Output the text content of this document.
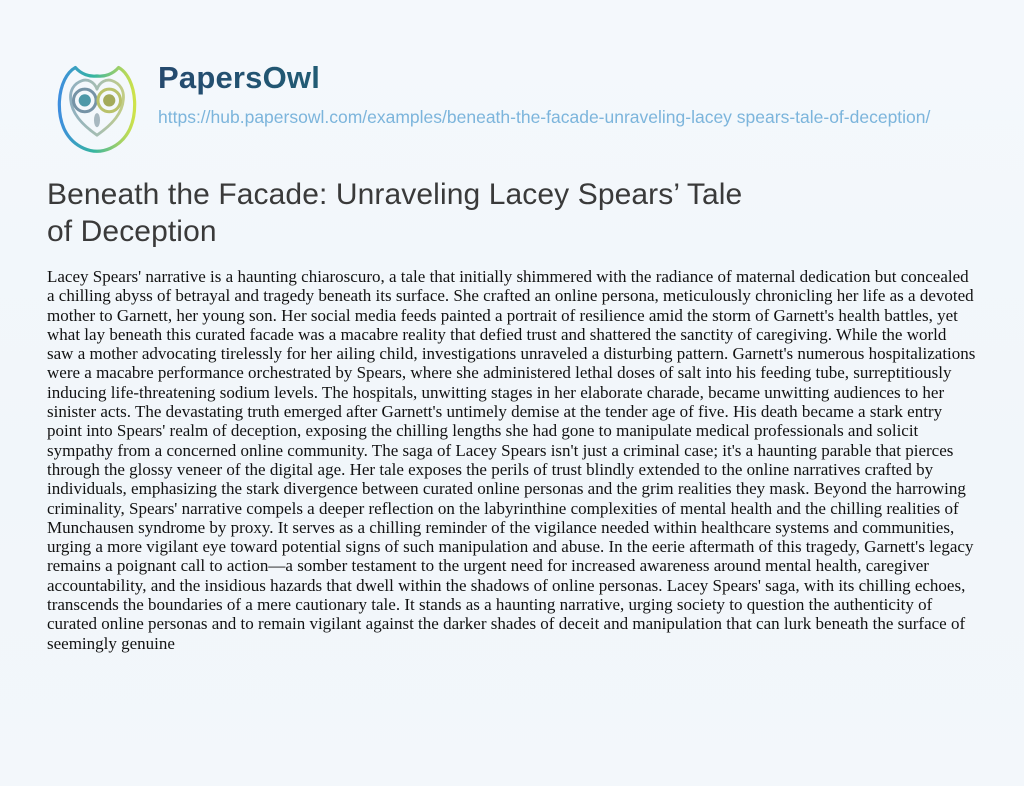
PapersOwl
https://hub.papersowl.com/examples/beneath-the-facade-unraveling-lacey spears-tale-of-deception/
Beneath the Facade: Unraveling Lacey Spears’ Tale of Deception

Lacey Spears' narrative is a haunting chiaroscuro, a tale that initially shimmered with the radiance of maternal dedication but concealed a chilling abyss of betrayal and tragedy beneath its surface. She crafted an online persona, meticulously chronicling her life as a devoted mother to Garnett, her young son. Her social media feeds painted a portrait of resilience amid the storm of Garnett's health battles, yet what lay beneath this curated facade was a macabre reality that defied trust and shattered the sanctity of caregiving. While the world saw a mother advocating tirelessly for her ailing child, investigations unraveled a disturbing pattern. Garnett's numerous hospitalizations were a macabre performance orchestrated by Spears, where she administered lethal doses of salt into his feeding tube, surreptitiously inducing life-threatening sodium levels. The hospitals, unwitting stages in her elaborate charade, became unwitting audiences to her sinister acts. The devastating truth emerged after Garnett's untimely demise at the tender age of five. His death became a stark entry point into Spears' realm of deception, exposing the chilling lengths she had gone to manipulate medical professionals and solicit sympathy from a concerned online community. The saga of Lacey Spears isn't just a criminal case; it's a haunting parable that pierces through the glossy veneer of the digital age. Her tale exposes the perils of trust blindly extended to the online narratives crafted by individuals, emphasizing the stark divergence between curated online personas and the grim realities they mask. Beyond the harrowing criminality, Spears' narrative compels a deeper reflection on the labyrinthine complexities of mental health and the chilling realities of Munchausen syndrome by proxy. It serves as a chilling reminder of the vigilance needed within healthcare systems and communities, urging a more vigilant eye toward potential signs of such manipulation and abuse. In the eerie aftermath of this tragedy, Garnett's legacy remains a poignant call to action—a somber testament to the urgent need for increased awareness around mental health, caregiver accountability, and the insidious hazards that dwell within the shadows of online personas. Lacey Spears' saga, with its chilling echoes, transcends the boundaries of a mere cautionary tale. It stands as a haunting narrative, urging society to question the authenticity of curated online personas and to remain vigilant against the darker shades of deceit and manipulation that can lurk beneath the surface of seemingly genuine
